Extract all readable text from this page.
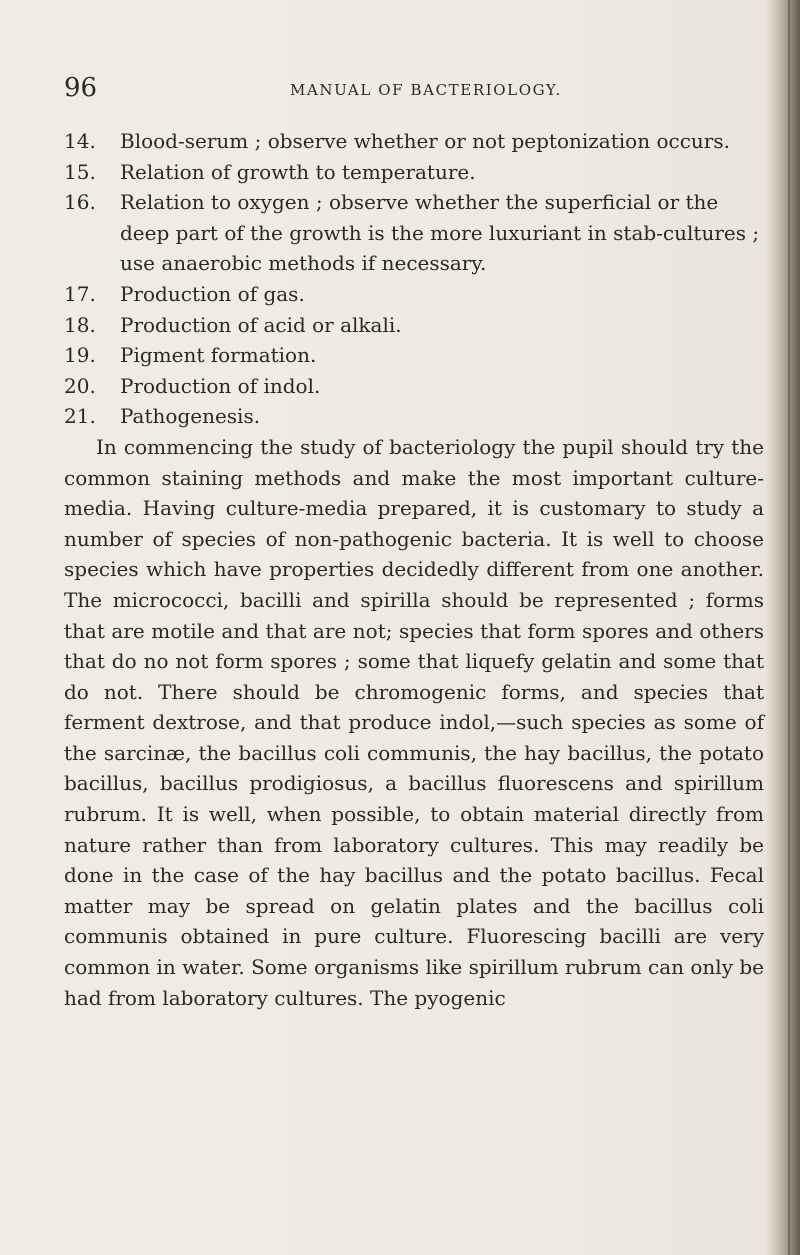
96	MANUAL OF BACTERIOLOGY.
14. Blood-serum ; observe whether or not peptonization occurs.
15. Relation of growth to temperature.
16. Relation to oxygen ; observe whether the superficial or the deep part of the growth is the more luxuriant in stab-cultures ; use anaerobic methods if necessary.
17. Production of gas.
18. Production of acid or alkali.
19. Pigment formation.
20. Production of indol.
21. Pathogenesis.

In commencing the study of bacteriology the pupil should try the common staining methods and make the most important culture-media. Having culture-media prepared, it is customary to study a number of species of non-pathogenic bacteria. It is well to choose species which have properties decidedly different from one another. The micrococci, bacilli and spirilla should be represented ; forms that are motile and that are not; species that form spores and others that do no not form spores ; some that liquefy gelatin and some that do not. There should be chromogenic forms, and species that ferment dextrose, and that produce indol,—such species as some of the sarcinæ, the bacillus coli communis, the hay bacillus, the potato bacillus, bacillus prodigiosus, a bacillus fluorescens and spirillum rubrum. It is well, when possible, to obtain material directly from nature rather than from laboratory cultures. This may readily be done in the case of the hay bacillus and the potato bacillus. Fecal matter may be spread on gelatin plates and the bacillus coli communis obtained in pure culture. Fluorescing bacilli are very common in water. Some organisms like spirillum rubrum can only be had from laboratory cultures. The pyogenic
